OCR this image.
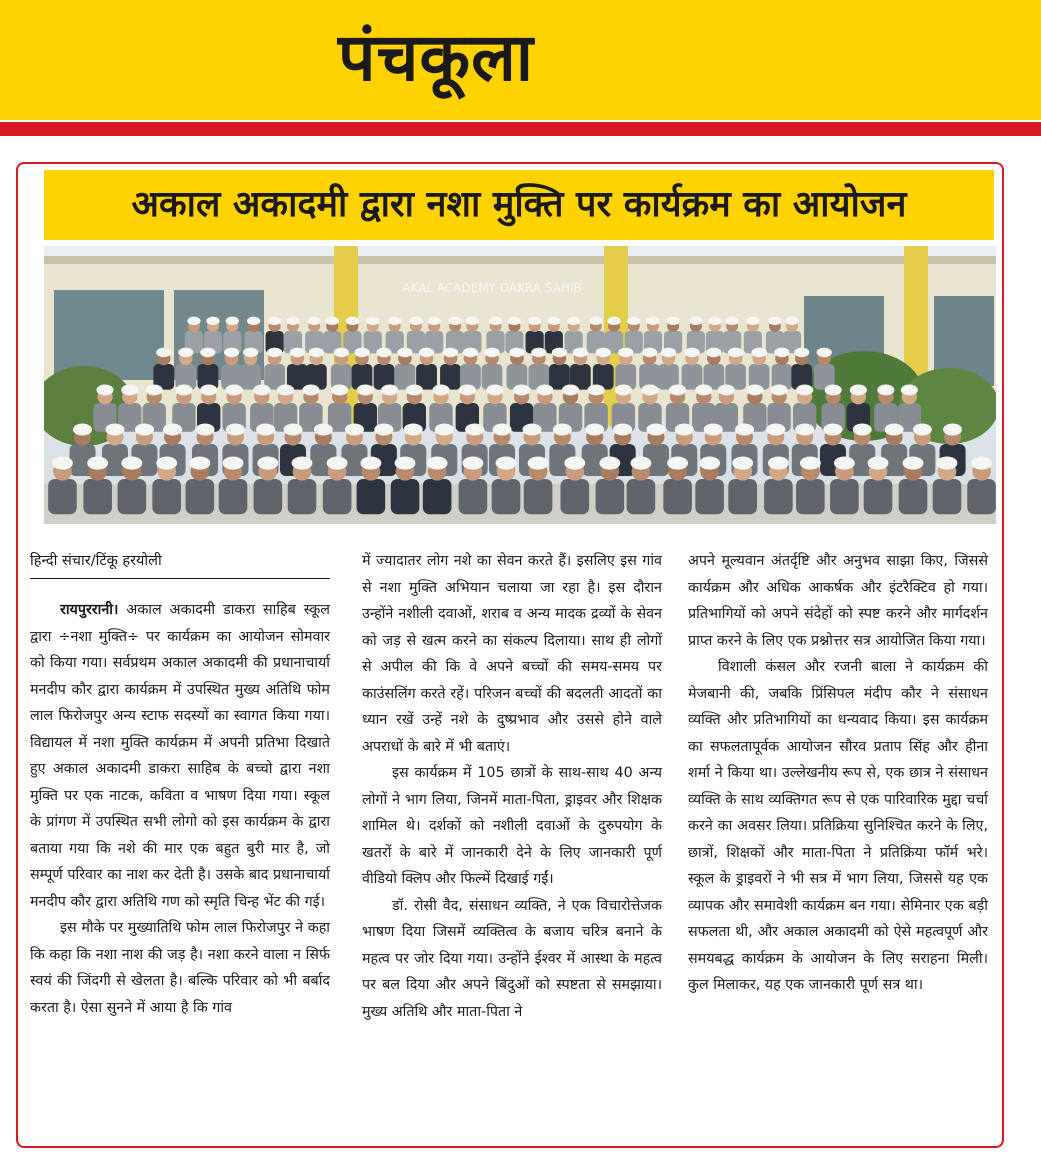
पंचकूला
अकाल अकादमी द्वारा नशा मुक्ति पर कार्यक्रम का आयोजन
AKAL ACADEMY DAKRA SAHIB

हिन्दी संचार/टिंकू हरयोली

रायपुररानी। अकाल अकादमी डाकरा साहिब स्कूल द्वारा ÷नशा मुक्ति÷ पर कार्यक्रम का आयोजन सोमवार को किया गया। सर्वप्रथम अकाल अकादमी की प्रधानाचार्या मनदीप कौर द्वारा कार्यक्रम में उपस्थित मुख्य अतिथि फोम लाल फिरोजपुर अन्य स्टाफ सदस्यों का स्वागत किया गया। विद्यायल में नशा मुक्ति कार्यक्रम में अपनी प्रतिभा दिखाते हुए अकाल अकादमी डाकरा साहिब के बच्चो द्वारा नशा मुक्ति पर एक नाटक, कविता व भाषण दिया गया। स्कूल के प्रांगण में उपस्थित सभी लोगो को इस कार्यक्रम के द्वारा बताया गया कि नशे की मार एक बहुत बुरी मार है, जो सम्पूर्ण परिवार का नाश कर देती है। उसके बाद प्रधानाचार्या मनदीप कौर द्वारा अतिथि गण को स्मृति चिन्ह भेंट की गई।

इस मौके पर मुख्यातिथि फोम लाल फिरोजपुर ने कहा कि कहा कि नशा नाश की जड़ है। नशा करने वाला न सिर्फ स्वयं की जिंदगी से खेलता है। बल्कि परिवार को भी बर्बाद करता है। ऐसा सुनने में आया है कि गांव

में ज्यादातर लोग नशे का सेवन करते हैं। इसलिए इस गांव से नशा मुक्ति अभियान चलाया जा रहा है। इस दौरान उन्होंने नशीली दवाओं, शराब व अन्य मादक द्रव्यों के सेवन को जड़ से खत्म करने का संकल्प दिलाया। साथ ही लोगों से अपील की कि वे अपने बच्चों की समय-समय पर काउंसलिंग करते रहें। परिजन बच्चों की बदलती आदतों का ध्यान रखें उन्हें नशे के दुष्प्रभाव और उससे होने वाले अपराधों के बारे में भी बताएं।

इस कार्यक्रम में 105 छात्रों के साथ-साथ 40 अन्य लोगों ने भाग लिया, जिनमें माता-पिता, ड्राइवर और शिक्षक शामिल थे। दर्शकों को नशीली दवाओं के दुरुपयोग के खतरों के बारे में जानकारी देने के लिए जानकारी पूर्ण वीडियो क्लिप और फिल्में दिखाई गईं।

डॉ. रोसी वैद, संसाधन व्यक्ति, ने एक विचारोत्तेजक भाषण दिया जिसमें व्यक्तित्व के बजाय चरित्र बनाने के महत्व पर जोर दिया गया। उन्होंने ईश्वर में आस्था के महत्व पर बल दिया और अपने बिंदुओं को स्पष्टता से समझाया। मुख्य अतिथि और माता-पिता ने

अपने मूल्यवान अंतर्दृष्टि और अनुभव साझा किए, जिससे कार्यक्रम और अधिक आकर्षक और इंटरैक्टिव हो गया। प्रतिभागियों को अपने संदेहों को स्पष्ट करने और मार्गदर्शन प्राप्त करने के लिए एक प्रश्नोत्तर सत्र आयोजित किया गया।

विशाली कंसल और रजनी बाला ने कार्यक्रम की मेजबानी की, जबकि प्रिंसिपल मंदीप कौर ने संसाधन व्यक्ति और प्रतिभागियों का धन्यवाद किया। इस कार्यक्रम का सफलतापूर्वक आयोजन सौरव प्रताप सिंह और हीना शर्मा ने किया था। उल्लेखनीय रूप से, एक छात्र ने संसाधन व्यक्ति के साथ व्यक्तिगत रूप से एक पारिवारिक मुद्दा चर्चा करने का अवसर लिया। प्रतिक्रिया सुनिश्चित करने के लिए, छात्रों, शिक्षकों और माता-पिता ने प्रतिक्रिया फॉर्म भरे। स्कूल के ड्राइवरों ने भी सत्र में भाग लिया, जिससे यह एक व्यापक और समावेशी कार्यक्रम बन गया। सेमिनार एक बड़ी सफलता थी, और अकाल अकादमी को ऐसे महत्वपूर्ण और समयबद्ध कार्यक्रम के आयोजन के लिए सराहना मिली। कुल मिलाकर, यह एक जानकारी पूर्ण सत्र था।
